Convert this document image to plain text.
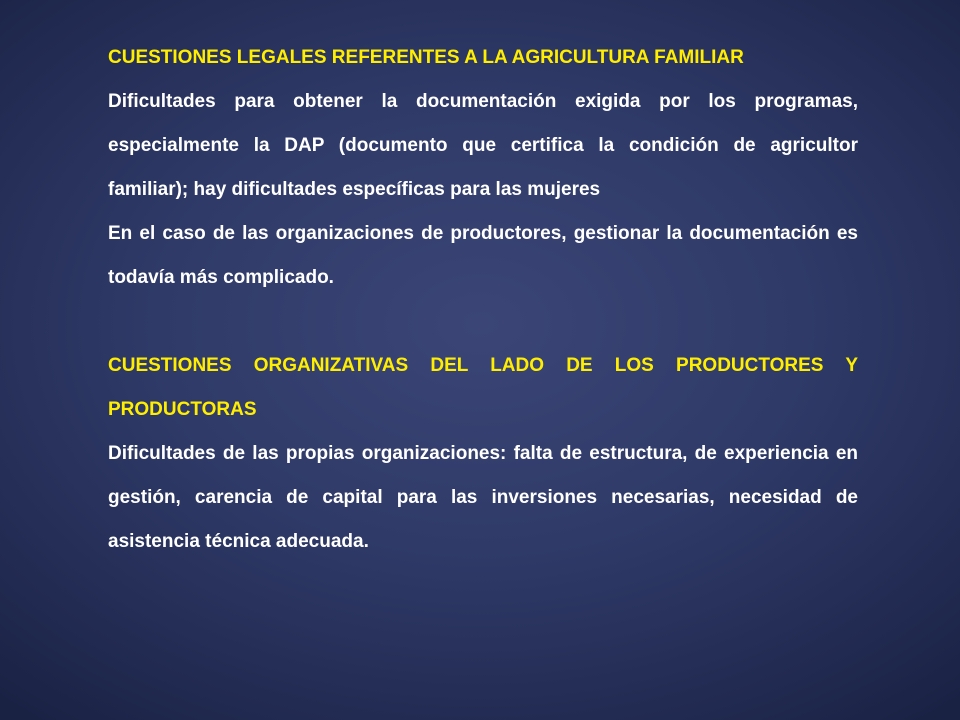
CUESTIONES LEGALES REFERENTES A LA AGRICULTURA FAMILIAR

Dificultades para obtener la documentación exigida por los programas, especialmente la DAP (documento que certifica la condición de agricultor familiar); hay dificultades específicas para las mujeres

En el caso de las organizaciones de productores, gestionar la documentación es todavía más complicado.

CUESTIONES ORGANIZATIVAS DEL LADO DE LOS PRODUCTORES Y PRODUCTORAS

Dificultades de las propias organizaciones: falta de estructura, de experiencia en gestión, carencia de capital para las inversiones necesarias, necesidad de asistencia técnica adecuada.
